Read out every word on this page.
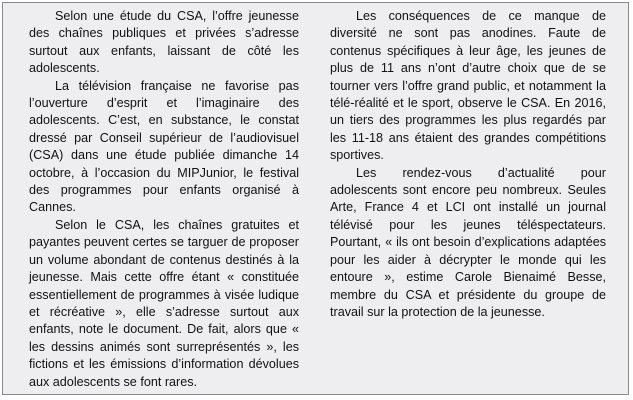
Selon une étude du CSA, l’offre jeunesse des chaînes publiques et privées s’adresse surtout aux enfants, laissant de côté les adolescents.

La télévision française ne favorise pas l’ouverture d’esprit et l’imaginaire des adolescents. C’est, en substance, le constat dressé par Conseil supérieur de l’audiovisuel (CSA) dans une étude publiée dimanche 14 octobre, à l’occasion du MIPJunior, le festival des programmes pour enfants organisé à Cannes.

Selon le CSA, les chaînes gratuites et payantes peuvent certes se targuer de proposer un volume abondant de contenus destinés à la jeunesse. Mais cette offre étant « constituée essentiellement de programmes à visée ludique et récréative », elle s’adresse surtout aux enfants, note le document. De fait, alors que « les dessins animés sont surreprésentés », les fictions et les émissions d’information dévolues aux adolescents se font rares.

Les conséquences de ce manque de diversité ne sont pas anodines. Faute de contenus spécifiques à leur âge, les jeunes de plus de 11 ans n’ont d’autre choix que de se tourner vers l’offre grand public, et notamment la télé-réalité et le sport, observe le CSA. En 2016, un tiers des programmes les plus regardés par les 11-18 ans étaient des grandes compétitions sportives.

Les rendez-vous d’actualité pour adolescents sont encore peu nombreux. Seules Arte, France 4 et LCI ont installé un journal télévisé pour les jeunes téléspectateurs. Pourtant, « ils ont besoin d’explications adaptées pour les aider à décrypter le monde qui les entoure », estime Carole Bienaimé Besse, membre du CSA et présidente du groupe de travail sur la protection de la jeunesse.
